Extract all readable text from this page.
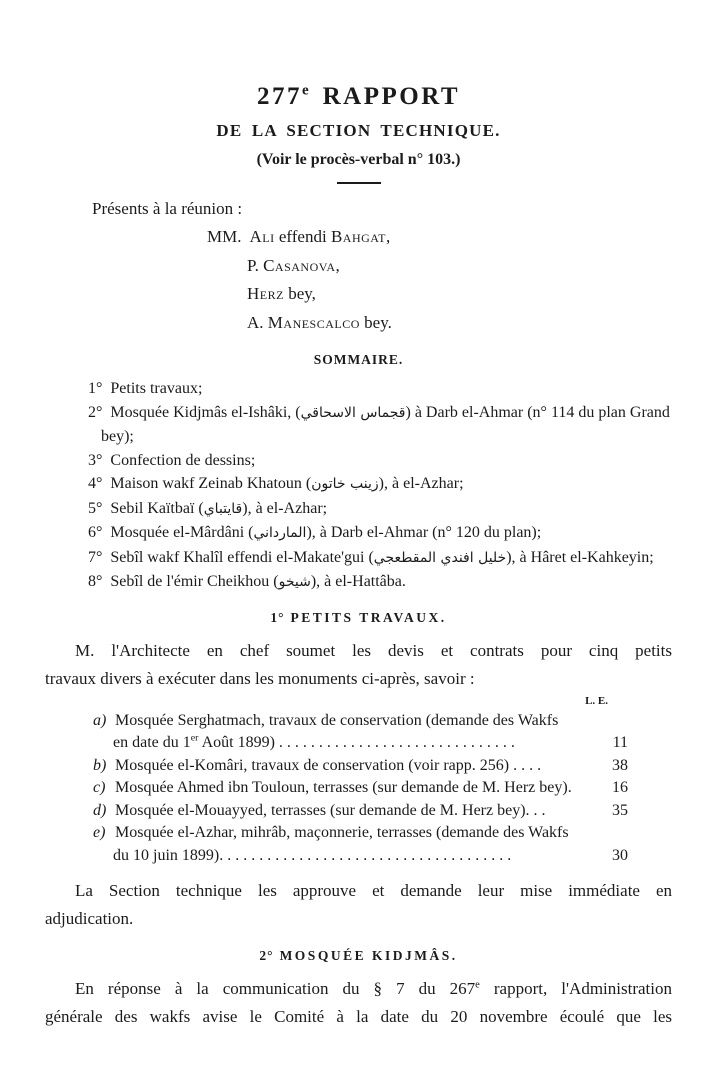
277e RAPPORT
DE LA SECTION TECHNIQUE.
(Voir le procès-verbal n° 103.)

Présents à la réunion :

MM. Ali effendi Bahgat,
P. Casanova,
Herz bey,
A. Manescalco bey.
SOMMAIRE.
1° Petits travaux;
2° Mosquée Kidjmâs el-Ishâki, (قجماس الاسحاقي) à Darb el-Ahmar (n° 114 du plan Grand bey);
3° Confection de dessins;
4° Maison wakf Zeinab Khatoun (زينب خاتون), à el-Azhar;
5° Sebil Kaïtbaï (قايتباي), à el-Azhar;
6° Mosquée el-Mârdâni (المارداني), à Darb el-Ahmar (n° 120 du plan);
7° Sebîl wakf Khalîl effendi el-Makate'gui (خليل افندي المقطعجي), à Hâret el-Kahkeyin;
8° Sebîl de l'émir Cheikhou (شيخو), à el-Hattâba.
1° PETITS TRAVAUX.
M. l'Architecte en chef soumet les devis et contrats pour cinq petits
travaux divers à exécuter dans les monuments ci-après, savoir :
L. E.
a) Mosquée Serghatmach, travaux de conservation (demande des Wakfs
en date du 1er Août 1899) ..............................	11
b) Mosquée el-Komâri, travaux de conservation (voir rapp. 256) ....	38
c) Mosquée Ahmed ibn Touloun, terrasses (sur demande de M. Herz bey).	16
d) Mosquée el-Mouayyed, terrasses (sur demande de M. Herz bey)...	35
e) Mosquée el-Azhar, mihrâb, maçonnerie, terrasses (demande des Wakfs
du 10 juin 1899).....................................	30
La Section technique les approuve et demande leur mise immédiate en
adjudication.
2° MOSQUÉE KIDJMÂS.
En réponse à la communication du § 7 du 267e rapport, l'Administration
générale des wakfs avise le Comité à la date du 20 novembre écoulé que les
